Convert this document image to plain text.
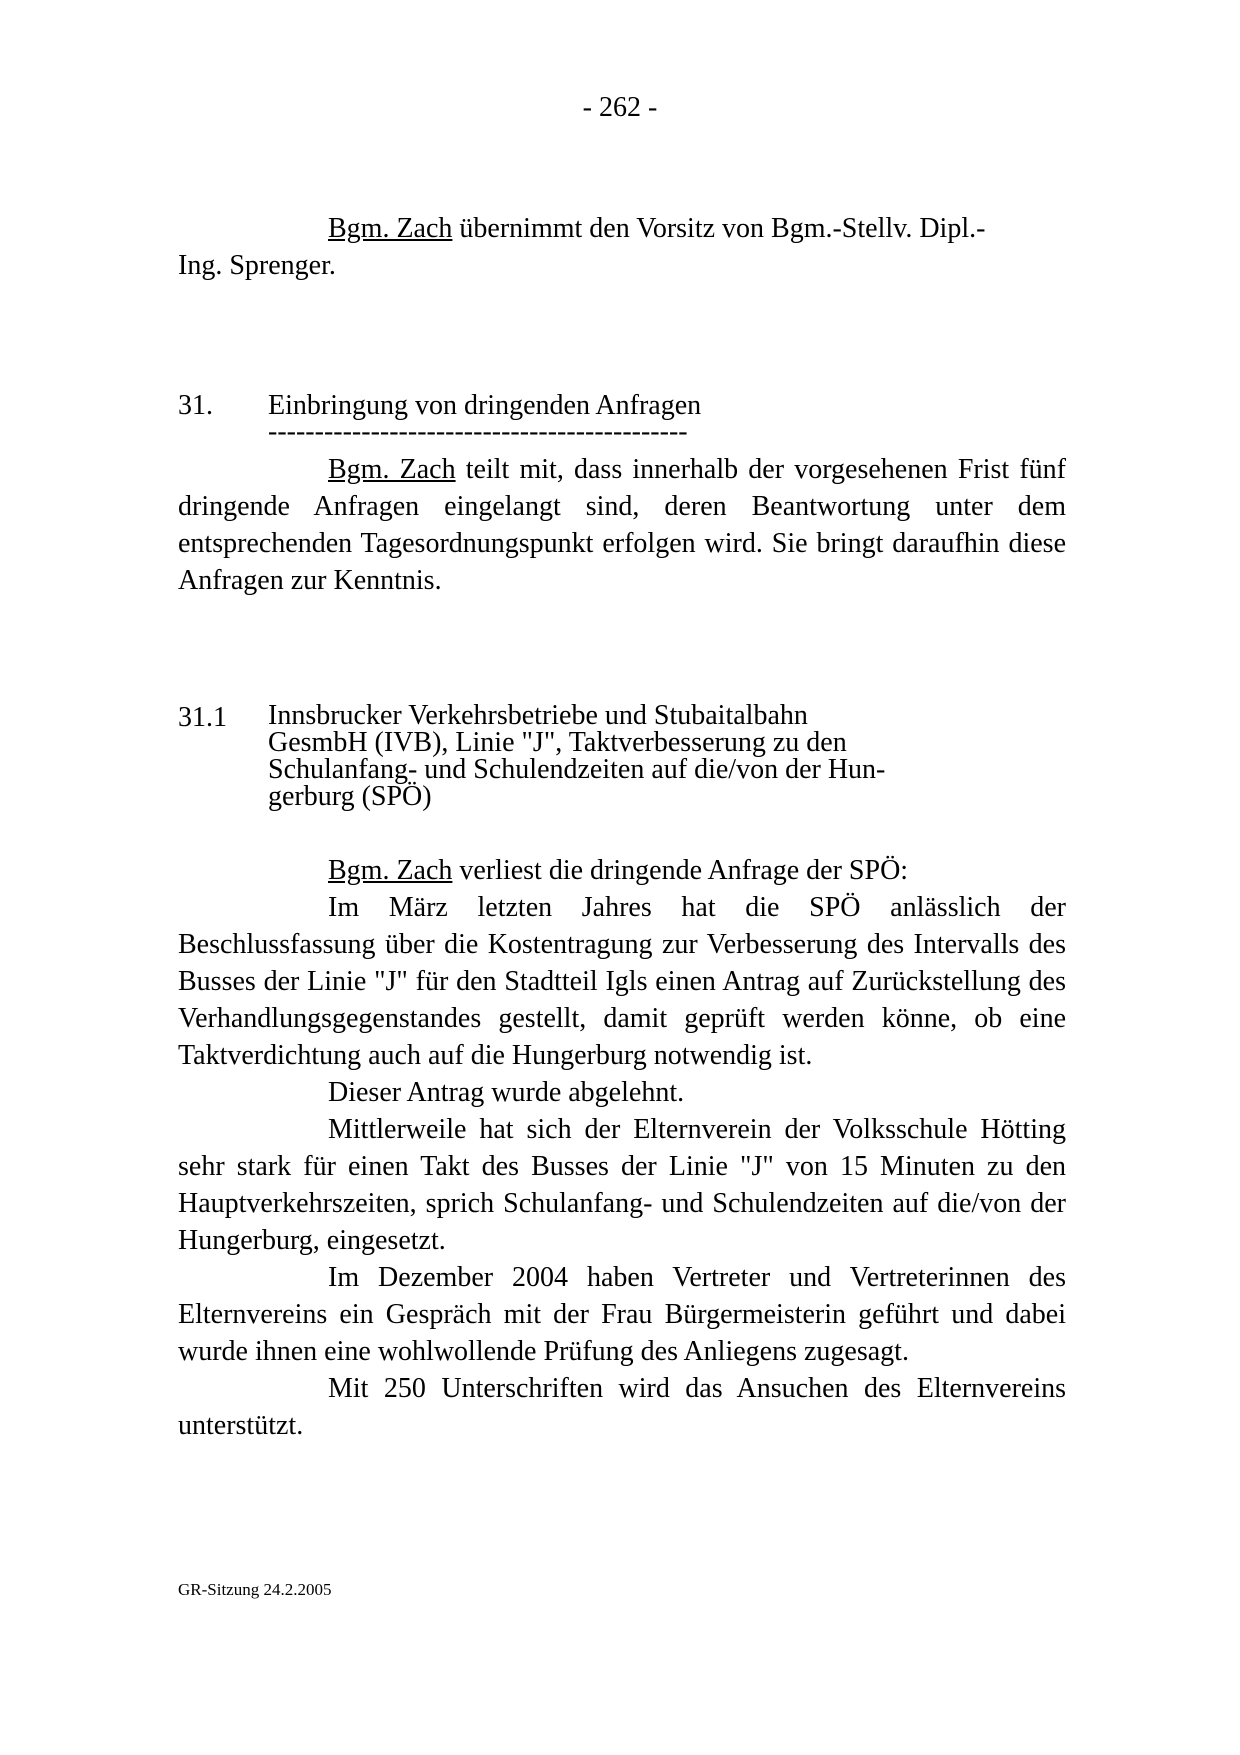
- 262 -

Bgm. Zach übernimmt den Vorsitz von Bgm.-Stellv. Dipl.-

Ing. Sprenger.

31. Einbringung von dringenden Anfragen
---------------------------------------------

Bgm. Zach teilt mit, dass innerhalb der vorgesehenen Frist fünf dringende Anfragen eingelangt sind, deren Beantwortung unter dem entsprechenden Tagesordnungspunkt erfolgen wird. Sie bringt daraufhin diese Anfragen zur Kenntnis.

31.1 Innsbrucker Verkehrsbetriebe und Stubaitalbahn

GesmbH (IVB), Linie "J", Taktverbesserung zu den

Schulanfang- und Schulendzeiten auf die/von der Hun-

gerburg (SPÖ)

Bgm. Zach verliest die dringende Anfrage der SPÖ:

Im März letzten Jahres hat die SPÖ anlässlich der Beschlussfassung über die Kostentragung zur Verbesserung des Intervalls des Busses der Linie "J" für den Stadtteil Igls einen Antrag auf Zurückstellung des Verhandlungsgegenstandes gestellt, damit geprüft werden könne, ob eine Taktverdichtung auch auf die Hungerburg notwendig ist.

Dieser Antrag wurde abgelehnt.

Mittlerweile hat sich der Elternverein der Volksschule Hötting sehr stark für einen Takt des Busses der Linie "J" von 15 Minuten zu den Hauptverkehrszeiten, sprich Schulanfang- und Schulendzeiten auf die/von der Hungerburg, eingesetzt.

Im Dezember 2004 haben Vertreter und Vertreterinnen des Elternvereins ein Gespräch mit der Frau Bürgermeisterin geführt und dabei wurde ihnen eine wohlwollende Prüfung des Anliegens zugesagt.

Mit 250 Unterschriften wird das Ansuchen des Elternvereins unterstützt.

GR-Sitzung 24.2.2005
